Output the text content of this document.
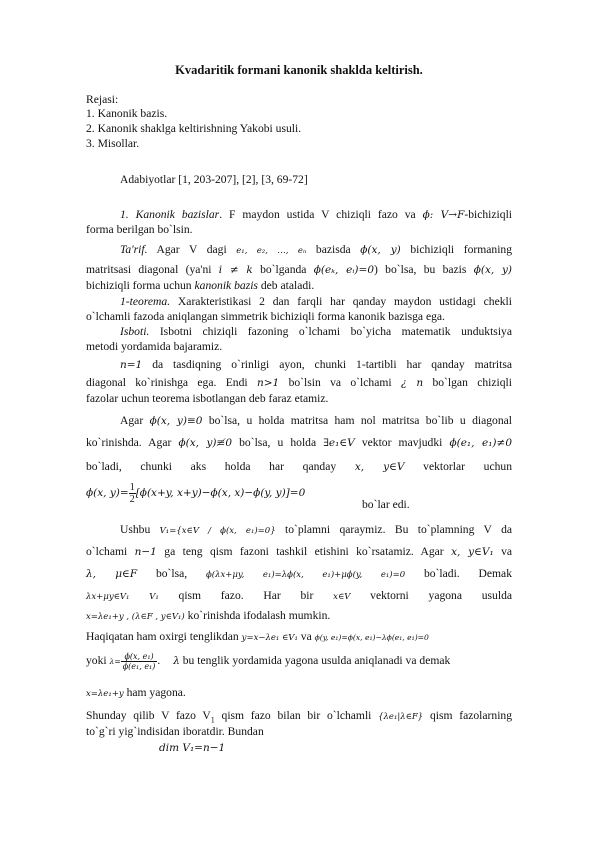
Kvadaritik formani kanonik shaklda keltirish.
Rejasi:
1. Kanonik bazis.
2. Kanonik shaklga keltirishning Yakobi usuli.
3. Misollar.
Adabiyotlar [1, 203-207], [2], [3, 69-72]
1. Kanonik bazislar. F maydon ustida V chiziqli fazo va ϕ: V→F-bichiziqli
forma berilgan bo`lsin.
Ta'rif. Agar V dagi e₁, e₂, …, eₙ bazisda ϕ(x, y) bichiziqli formaning
matritsasi diagonal (ya'ni i ≠ k bo`lganda ϕ(eₖ, eᵢ)=0) bo`lsa, bu bazis ϕ(x, y)
bichiziqli forma uchun kanonik bazis deb ataladi.
1-teorema. Xarakteristikasi 2 dan farqli har qanday maydon ustidagi chekli
o`lchamli fazoda aniqlangan simmetrik bichiziqli forma kanonik bazisga ega.
Isboti. Isbotni chiziqli fazoning o`lchami bo`yicha matematik unduktsiya
metodi yordamida bajaramiz.
n=1 da tasdiqning o`rinligi ayon, chunki 1-tartibli har qanday matritsa
diagonal ko`rinishga ega. Endi n>1 bo`lsin va o`lchami ¿ n bo`lgan chiziqli
fazolar uchun teorema isbotlangan deb faraz etamiz.
Agar ϕ(x, y)≡0 bo`lsa, u holda matritsa ham nol matritsa bo`lib u diagonal
ko`rinishda. Agar ϕ(x, y)≢0 bo`lsa, u holda ∃e₁∈V vektor mavjudki ϕ(e₁, e₁)≠0
bo`ladi, chunki aks holda har qanday x, y∈V vektorlar uchun
ϕ(x, $y)= \frac{1}{2} [\phi(x+y$, x+y)−ϕ(x, x)−ϕ(y, y)]=0
bo`lar edi.
Ushbu V₁={x∈V / ϕ(x, e₁)=0} to`plamni qaraymiz. Bu to`plamning V da
o`lchami n−1 ga teng qism fazoni tashkil etishini ko`rsatamiz. Agar x, y∈V₁ va
λ, μ∈F bo`lsa, ϕ(λx+μy, e₁)=λϕ(x, e₁)+μϕ(y, e₁)=0 bo`ladi. Demak
λx+μy∈V₁ V₁ qism fazo. Har bir x∈V vektorni yagona usulda
x=λe₁+y , (λ∈F , y∈V₁) ko`rinishda ifodalash mumkin.
Haqiqatan ham oxirgi tenglikdan y=x−λe₁ ∈V₁ va ϕ(y, e₁)=ϕ(x, e₁)−λϕ(e₁, e₁)=0
yoki $\lambda= \frac{\text{ϕ(x, e₁)}}{\text{ϕ(e₁, e₁)}}$ . λ bu tenglik yordamida yagona usulda aniqlanadi va demak
x=λe₁+y ham yagona.
Shunday qilib V fazo $V_1$ qism fazo bilan bir o`lchamli {λe₁|λ∈F} qism fazolarning
to`g`ri yig`indisidan iboratdir. Bundan
dim V₁=n−1
